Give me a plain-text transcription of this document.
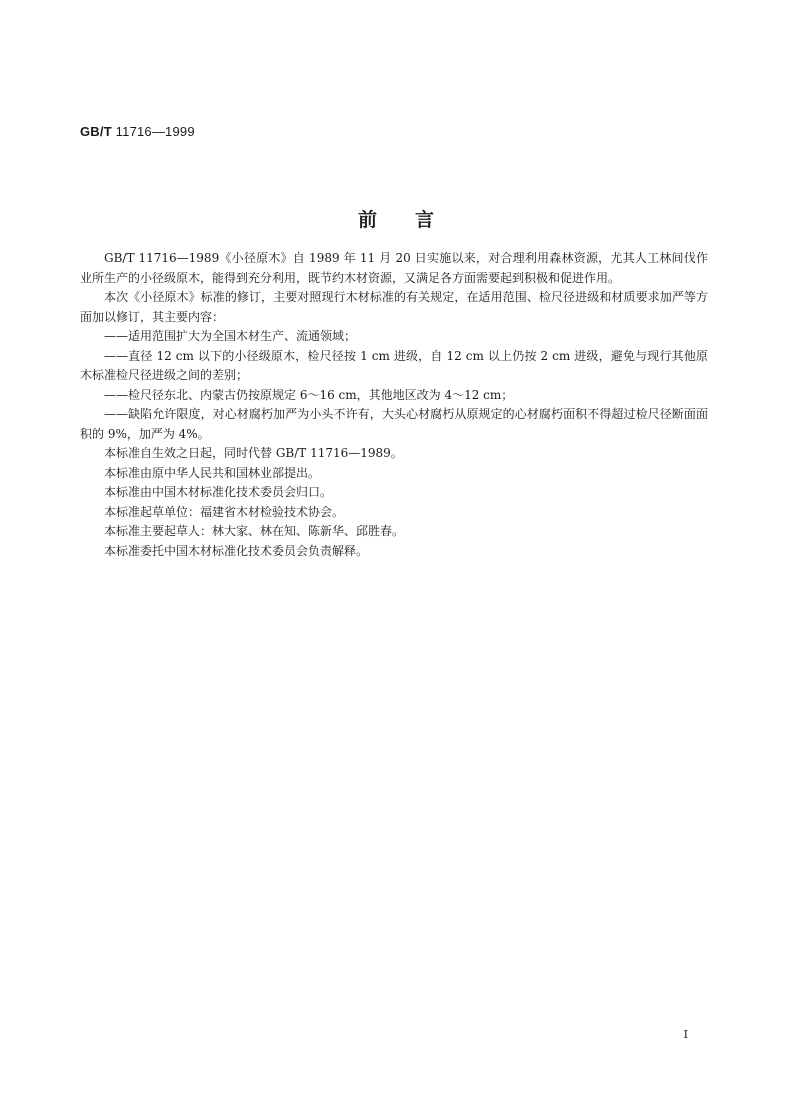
GB/T 11716—1999
前言

GB/T 11716—1989《小径原木》自 1989 年 11 月 20 日实施以来，对合理利用森林资源，尤其人工林间伐作业所生产的小径级原木，能得到充分利用，既节约木材资源，又满足各方面需要起到积极和促进作用。

本次《小径原木》标准的修订，主要对照现行木材标准的有关规定，在适用范围、检尺径进级和材质要求加严等方面加以修订，其主要内容：

——适用范围扩大为全国木材生产、流通领域；

——直径 12 cm 以下的小径级原木，检尺径按 1 cm 进级，自 12 cm 以上仍按 2 cm 进级，避免与现行其他原木标准检尺径进级之间的差别；

——检尺径东北、内蒙古仍按原规定 6～16 cm，其他地区改为 4～12 cm；

——缺陷允许限度，对心材腐朽加严为小头不许有，大头心材腐朽从原规定的心材腐朽面积不得超过检尺径断面面积的 9%，加严为 4%。

本标准自生效之日起，同时代替 GB/T 11716—1989。

本标准由原中华人民共和国林业部提出。

本标准由中国木材标准化技术委员会归口。

本标准起草单位：福建省木材检验技术协会。

本标准主要起草人：林大家、林在知、陈新华、邱胜春。

本标准委托中国木材标准化技术委员会负责解释。

I
